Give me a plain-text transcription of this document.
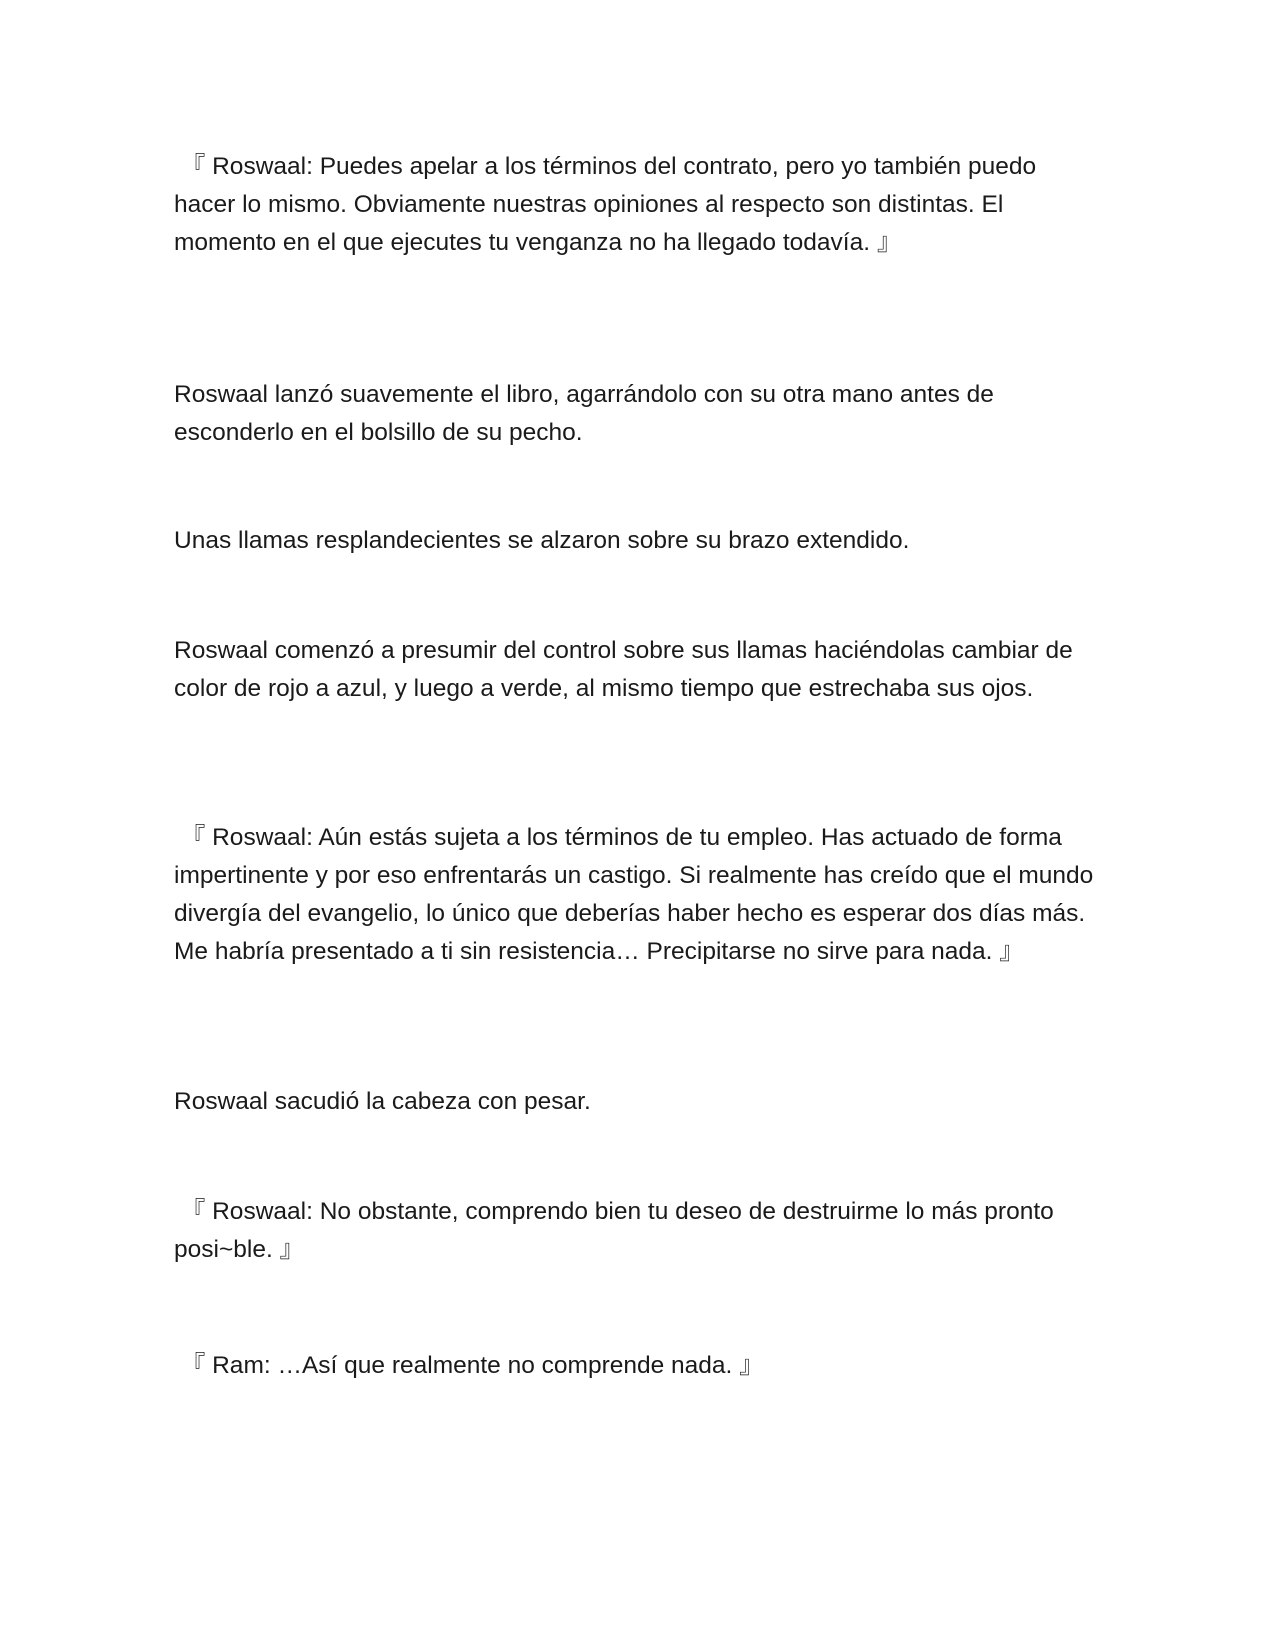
『 Roswaal: Puedes apelar a los términos del contrato, pero yo también puedo hacer lo mismo. Obviamente nuestras opiniones al respecto son distintas. El momento en el que ejecutes tu venganza no ha llegado todavía. 』

Roswaal lanzó suavemente el libro, agarrándolo con su otra mano antes de esconderlo en el bolsillo de su pecho.

Unas llamas resplandecientes se alzaron sobre su brazo extendido.

Roswaal comenzó a presumir del control sobre sus llamas haciéndolas cambiar de color de rojo a azul, y luego a verde, al mismo tiempo que estrechaba sus ojos.

『 Roswaal: Aún estás sujeta a los términos de tu empleo. Has actuado de forma impertinente y por eso enfrentarás un castigo. Si realmente has creído que el mundo divergía del evangelio, lo único que deberías haber hecho es esperar dos días más. Me habría presentado a ti sin resistencia… Precipitarse no sirve para nada. 』

Roswaal sacudió la cabeza con pesar.

『 Roswaal: No obstante, comprendo bien tu deseo de destruirme lo más pronto posi~ble. 』

『 Ram: …Así que realmente no comprende nada. 』
